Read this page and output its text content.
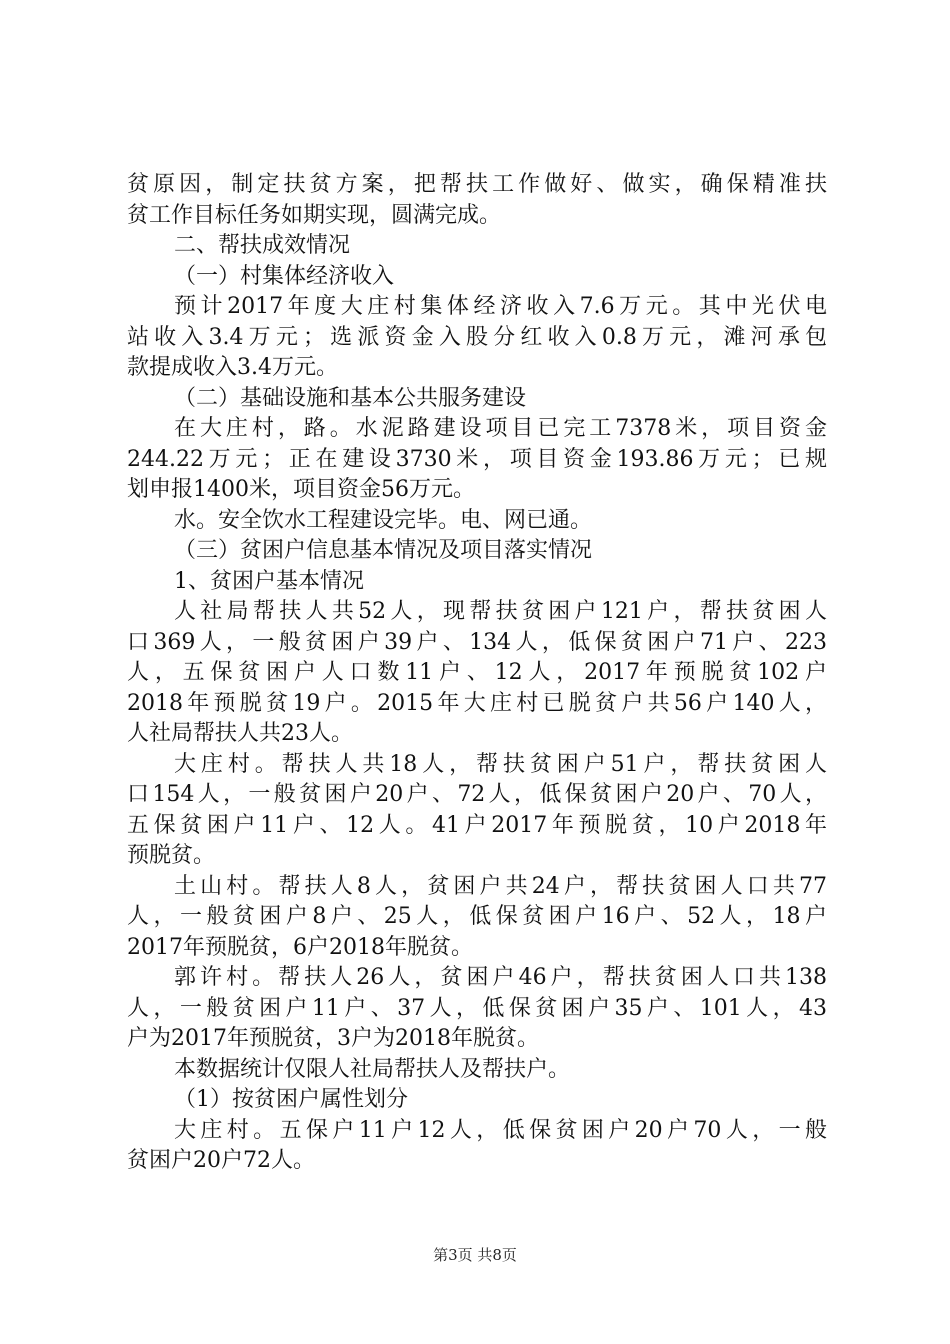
贫原因，制定扶贫方案，把帮扶工作做好、做实，确保精准扶
贫工作目标任务如期实现，圆满完成。
二、帮扶成效情况
（一）村集体经济收入
预计2017年度大庄村集体经济收入7.6万元。其中光伏电
站收入3.4万元；选派资金入股分红收入0.8万元，滩河承包
款提成收入3.4万元。
（二）基础设施和基本公共服务建设
在大庄村，路。水泥路建设项目已完工7378米，项目资金
244.22万元；正在建设3730米，项目资金193.86万元；已规
划申报1400米，项目资金56万元。
水。安全饮水工程建设完毕。电、网已通。
（三）贫困户信息基本情况及项目落实情况
1、贫困户基本情况
人社局帮扶人共52人，现帮扶贫困户121户，帮扶贫困人
口369人，一般贫困户39户、134人，低保贫困户71户、223
人，五保贫困户人口数11户、12人，2017年预脱贫102户
2018年预脱贫19户。2015年大庄村已脱贫户共56户140人，
人社局帮扶人共23人。
大庄村。帮扶人共18人，帮扶贫困户51户，帮扶贫困人
口154人，一般贫困户20户、72人，低保贫困户20户、70人，
五保贫困户11户、12人。41户2017年预脱贫，10户2018年
预脱贫。
土山村。帮扶人8人，贫困户共24户，帮扶贫困人口共77
人，一般贫困户8户、25人，低保贫困户16户、52人，18户
2017年预脱贫，6户2018年脱贫。
郭许村。帮扶人26人，贫困户46户，帮扶贫困人口共138
人，一般贫困户11户、37人，低保贫困户35户、101人，43
户为2017年预脱贫，3户为2018年脱贫。
本数据统计仅限人社局帮扶人及帮扶户。
（1）按贫困户属性划分
大庄村。五保户11户12人，低保贫困户20户70人，一般
贫困户20户72人。
第3页 共8页
